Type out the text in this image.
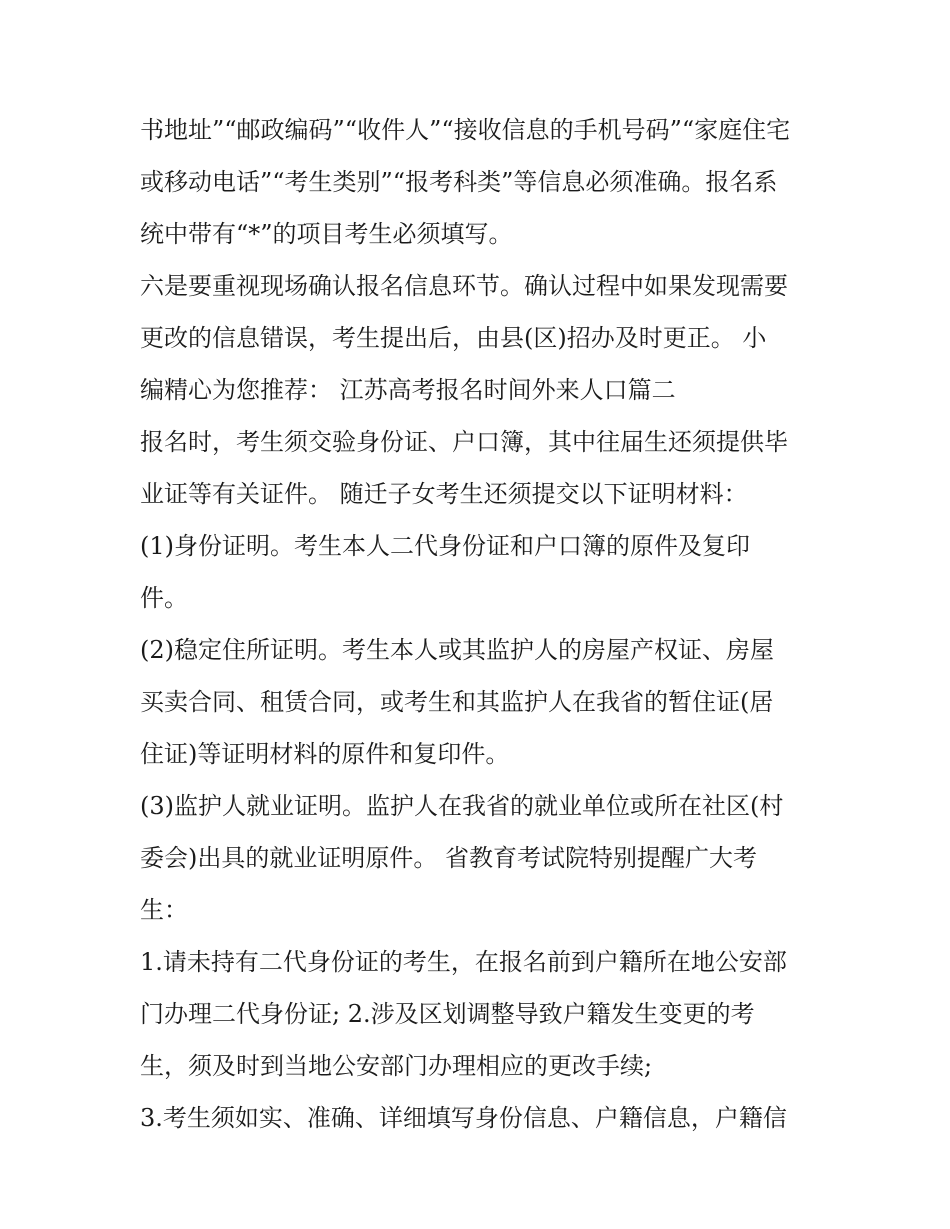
书地址”“邮政编码”“收件人”“接收信息的手机号码”“家庭住宅
或移动电话”“考生类别”“报考科类”等信息必须准确。报名系
统中带有“*”的项目考生必须填写。
六是要重视现场确认报名信息环节。确认过程中如果发现需要
更改的信息错误，考生提出后，由县(区)招办及时更正。 小
编精心为您推荐： 江苏高考报名时间外来人口篇二
报名时，考生须交验身份证、户口簿，其中往届生还须提供毕
业证等有关证件。 随迁子女考生还须提交以下证明材料：
(1)身份证明。考生本人二代身份证和户口簿的原件及复印
件。
(2)稳定住所证明。考生本人或其监护人的房屋产权证、房屋
买卖合同、租赁合同，或考生和其监护人在我省的暂住证(居
住证)等证明材料的原件和复印件。
(3)监护人就业证明。监护人在我省的就业单位或所在社区(村
委会)出具的就业证明原件。 省教育考试院特别提醒广大考
生：
1.请未持有二代身份证的考生，在报名前到户籍所在地公安部
门办理二代身份证; 2.涉及区划调整导致户籍发生变更的考
生，须及时到当地公安部门办理相应的更改手续;
3.考生须如实、准确、详细填写身份信息、户籍信息，户籍信
